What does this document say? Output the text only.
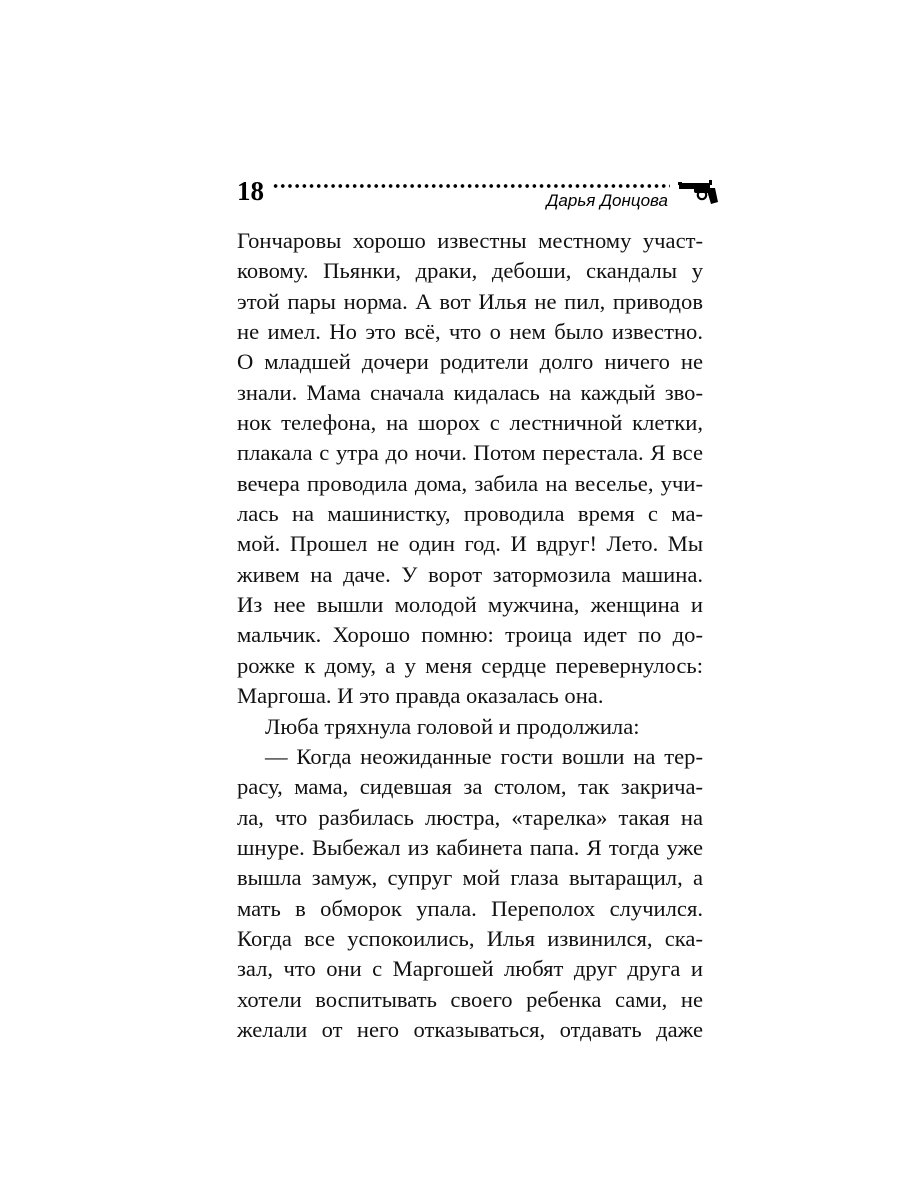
18	Дарья Донцова
Гончаровы хорошо известны местному участ-
ковому. Пьянки, драки, дебоши, скандалы у
этой пары норма. А вот Илья не пил, приводов
не имел. Но это всё, что о нем было известно.
О младшей дочери родители долго ничего не
знали. Мама сначала кидалась на каждый зво-
нок телефона, на шорох с лестничной клетки,
плакала с утра до ночи. Потом перестала. Я все
вечера проводила дома, забила на веселье, учи-
лась на машинистку, проводила время с ма-
мой. Прошел не один год. И вдруг! Лето. Мы
живем на даче. У ворот затормозила машина.
Из нее вышли молодой мужчина, женщина и
мальчик. Хорошо помню: троица идет по до-
рожке к дому, а у меня сердце перевернулось:
Маргоша. И это правда оказалась она.
Люба тряхнула головой и продолжила:
— Когда неожиданные гости вошли на тер-
расу, мама, сидевшая за столом, так закрича-
ла, что разбилась люстра, «тарелка» такая на
шнуре. Выбежал из кабинета папа. Я тогда уже
вышла замуж, супруг мой глаза вытаращил, а
мать в обморок упала. Переполох случился.
Когда все успокоились, Илья извинился, ска-
зал, что они с Маргошей любят друг друга и
хотели воспитывать своего ребенка сами, не
желали от него отказываться, отдавать даже
